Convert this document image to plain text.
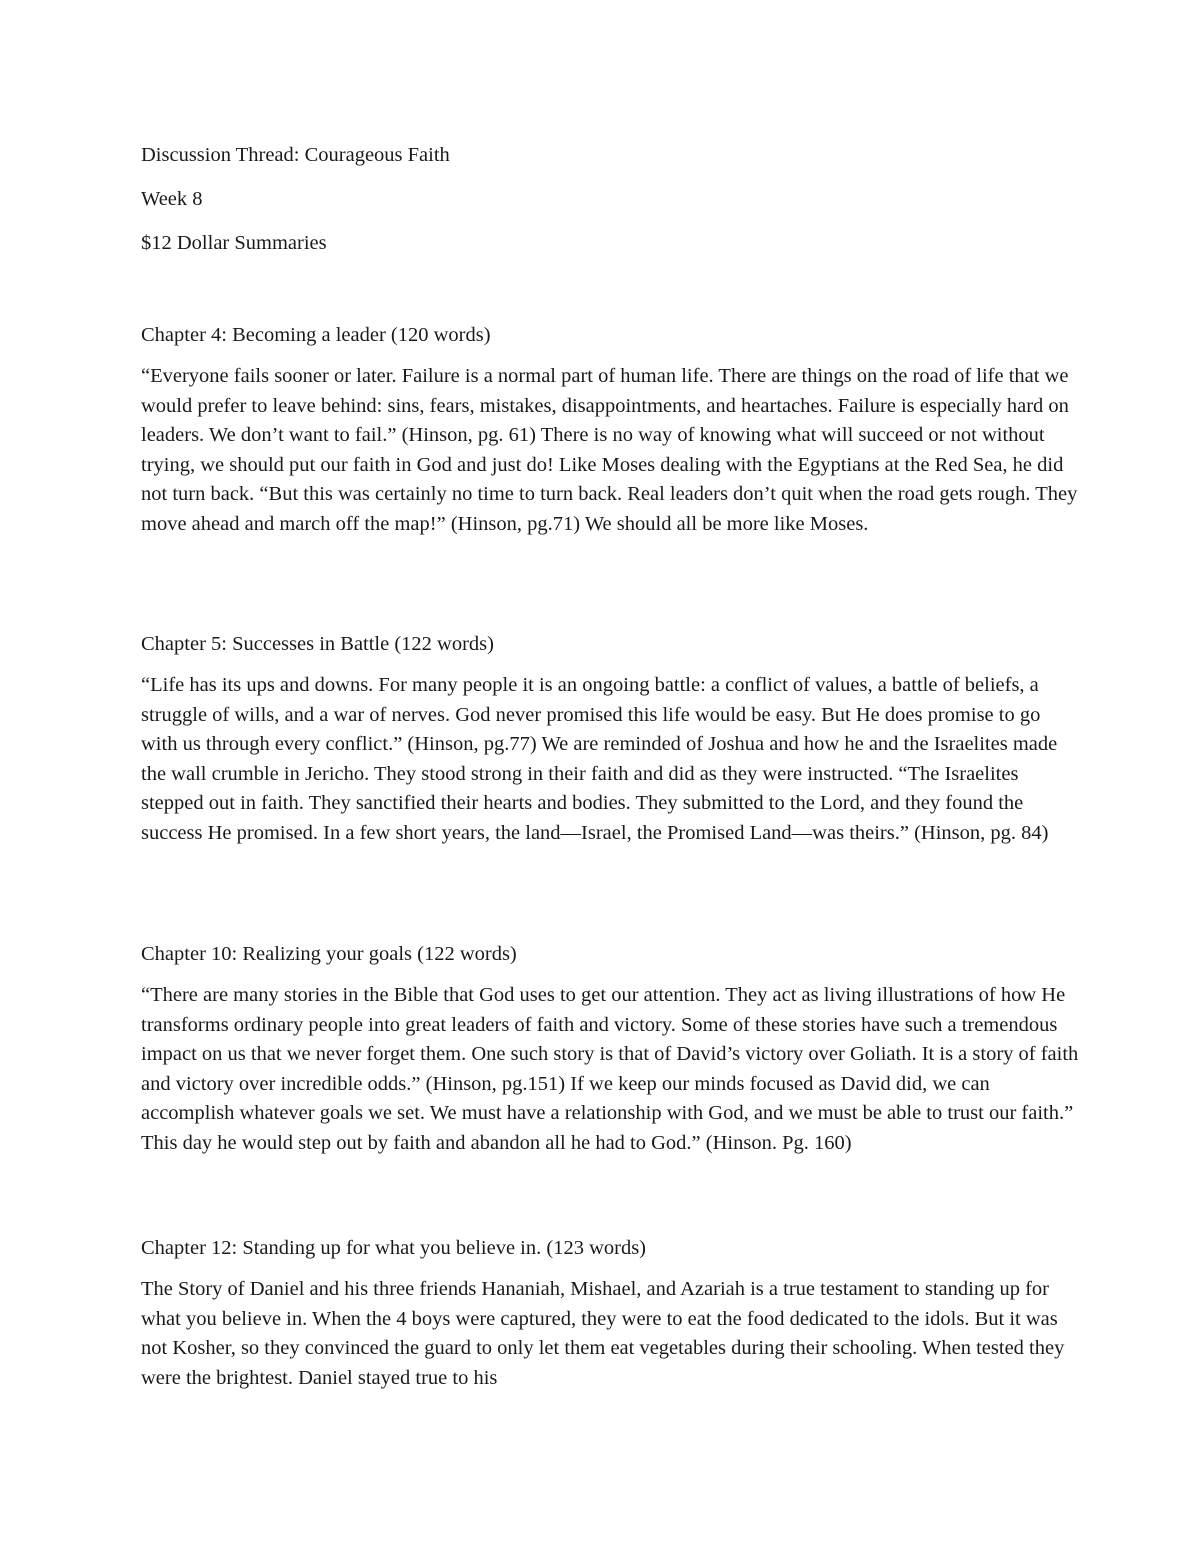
Discussion Thread: Courageous Faith

Week 8

$12 Dollar Summaries

Chapter 4: Becoming a leader (120 words)

“Everyone fails sooner or later. Failure is a normal part of human life. There are things on the road of life that we would prefer to leave behind: sins, fears, mistakes, disappointments, and heartaches. Failure is especially hard on leaders. We don’t want to fail.” (Hinson, pg. 61) There is no way of knowing what will succeed or not without trying, we should put our faith in God and just do! Like Moses dealing with the Egyptians at the Red Sea, he did not turn back. “But this was certainly no time to turn back. Real leaders don’t quit when the road gets rough. They move ahead and march off the map!” (Hinson, pg.71) We should all be more like Moses.

Chapter 5: Successes in Battle (122 words)

“Life has its ups and downs. For many people it is an ongoing battle: a conflict of values, a battle of beliefs, a struggle of wills, and a war of nerves. God never promised this life would be easy. But He does promise to go with us through every conflict.” (Hinson, pg.77) We are reminded of Joshua and how he and the Israelites made the wall crumble in Jericho. They stood strong in their faith and did as they were instructed. “The Israelites stepped out in faith. They sanctified their hearts and bodies. They submitted to the Lord, and they found the success He promised. In a few short years, the land—Israel, the Promised Land—was theirs.” (Hinson, pg. 84)

Chapter 10: Realizing your goals (122 words)

“There are many stories in the Bible that God uses to get our attention. They act as living illustrations of how He transforms ordinary people into great leaders of faith and victory. Some of these stories have such a tremendous impact on us that we never forget them. One such story is that of David’s victory over Goliath. It is a story of faith and victory over incredible odds.” (Hinson, pg.151) If we keep our minds focused as David did, we can accomplish whatever goals we set. We must have a relationship with God, and we must be able to trust our faith.” This day he would step out by faith and abandon all he had to God.” (Hinson. Pg. 160)

Chapter 12: Standing up for what you believe in. (123 words)

The Story of Daniel and his three friends Hananiah, Mishael, and Azariah is a true testament to standing up for what you believe in. When the 4 boys were captured, they were to eat the food dedicated to the idols. But it was not Kosher, so they convinced the guard to only let them eat vegetables during their schooling. When tested they were the brightest. Daniel stayed true to his
